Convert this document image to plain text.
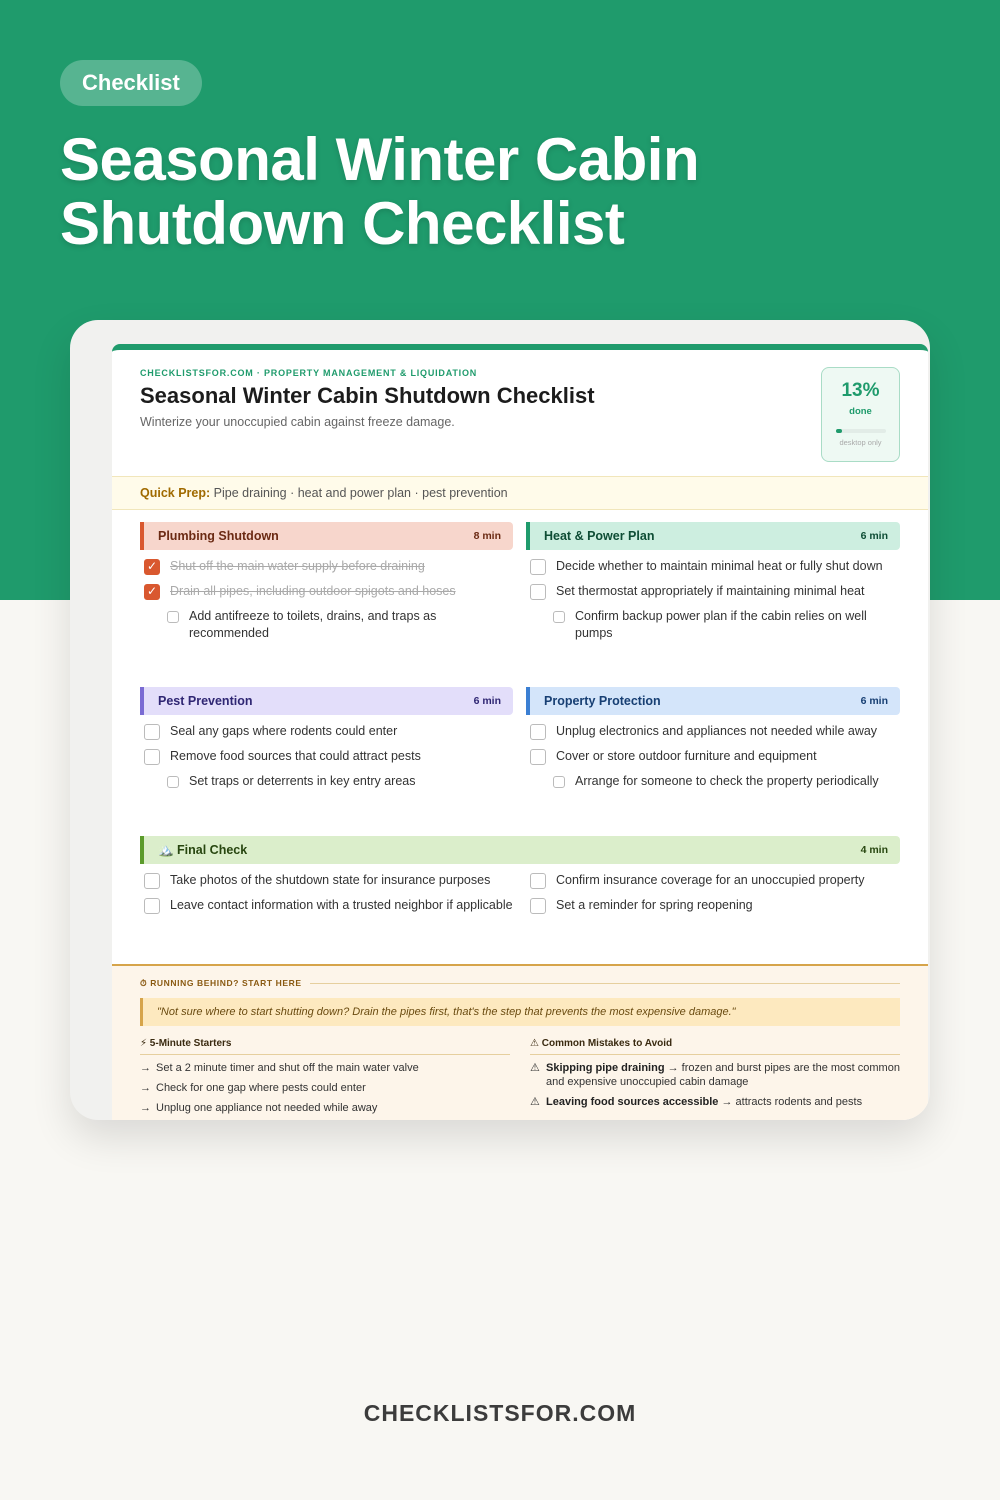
Checklist
Seasonal Winter Cabin
Shutdown Checklist
CHECKLISTSFOR.COM · PROPERTY MANAGEMENT & LIQUIDATION
Seasonal Winter Cabin Shutdown Checklist
Winterize your unoccupied cabin against freeze damage.
13%
done
desktop only
Quick Prep: Pipe draining · heat and power plan · pest prevention
Plumbing Shutdown	8 min
✓ Shut off the main water supply before draining
✓ Drain all pipes, including outdoor spigots and hoses
Add antifreeze to toilets, drains, and traps as recommended
Heat & Power Plan	6 min
Decide whether to maintain minimal heat or fully shut down
Set thermostat appropriately if maintaining minimal heat
Confirm backup power plan if the cabin relies on well pumps
Pest Prevention	6 min
Seal any gaps where rodents could enter
Remove food sources that could attract pests
Set traps or deterrents in key entry areas
Property Protection	6 min
Unplug electronics and appliances not needed while away
Cover or store outdoor furniture and equipment
Arrange for someone to check the property periodically
🏔️ Final Check	4 min
Take photos of the shutdown state for insurance purposes
Leave contact information with a trusted neighbor if applicable
Confirm insurance coverage for an unoccupied property
Set a reminder for spring reopening
⏱ RUNNING BEHIND? START HERE
"Not sure where to start shutting down? Drain the pipes first, that's the step that prevents the most expensive damage."
⚡ 5-Minute Starters
→ Set a 2 minute timer and shut off the main water valve
→ Check for one gap where pests could enter
→ Unplug one appliance not needed while away
⚠ Common Mistakes to Avoid
⚠ Skipping pipe draining → frozen and burst pipes are the most common and expensive unoccupied cabin damage
⚠ Leaving food sources accessible → attracts rodents and pests
CHECKLISTSFOR.COM
